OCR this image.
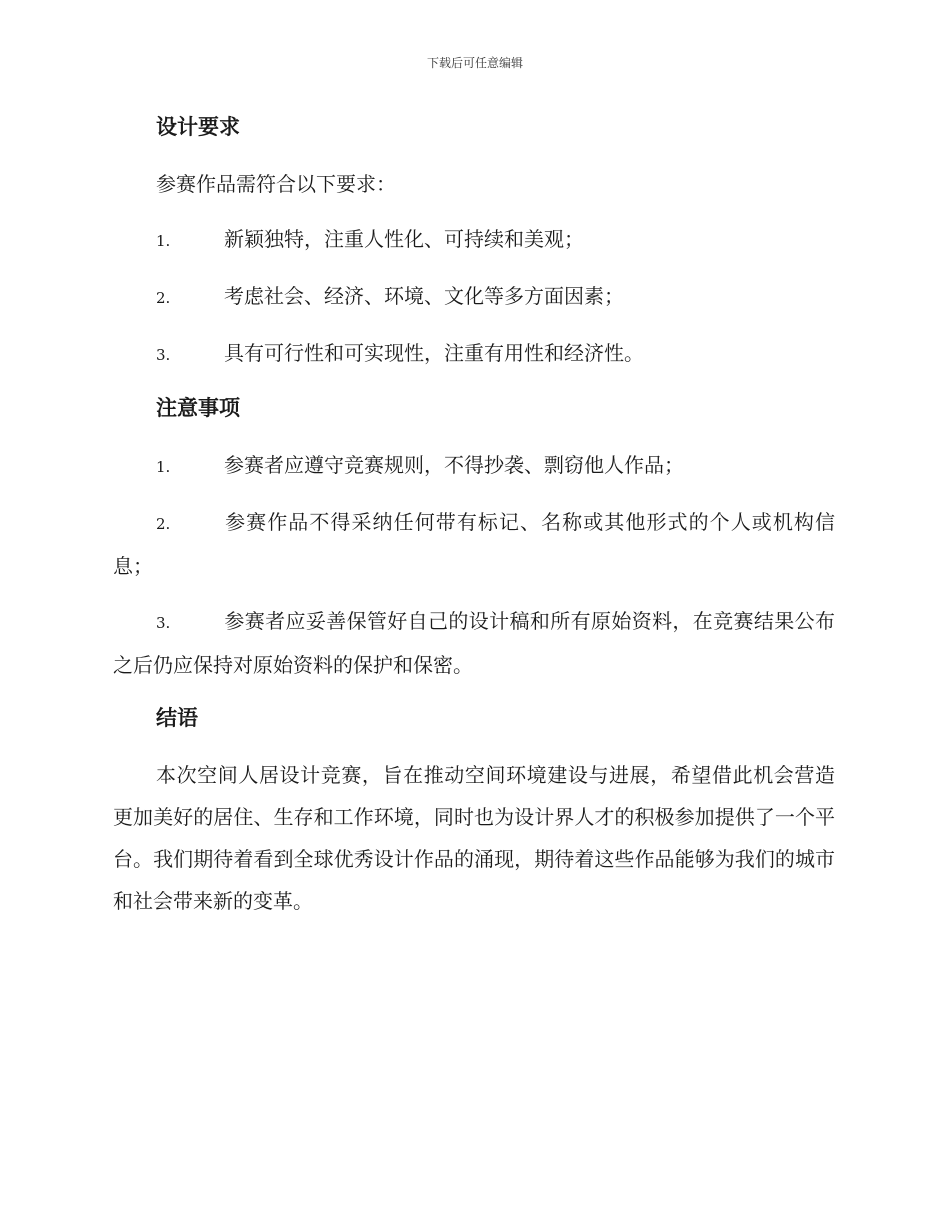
下载后可任意编辑
设计要求

参赛作品需符合以下要求：

1.	新颖独特，注重人性化、可持续和美观；

2.	考虑社会、经济、环境、文化等多方面因素；

3.	具有可行性和可实现性，注重有用性和经济性。

注意事项

1.	参赛者应遵守竞赛规则，不得抄袭、剽窃他人作品；

2.	参赛作品不得采纳任何带有标记、名称或其他形式的个人或机构信息；

3.	参赛者应妥善保管好自己的设计稿和所有原始资料，在竞赛结果公布之后仍应保持对原始资料的保护和保密。

结语

本次空间人居设计竞赛，旨在推动空间环境建设与进展，希望借此机会营造更加美好的居住、生存和工作环境，同时也为设计界人才的积极参加提供了一个平台。我们期待着看到全球优秀设计作品的涌现，期待着这些作品能够为我们的城市和社会带来新的变革。
